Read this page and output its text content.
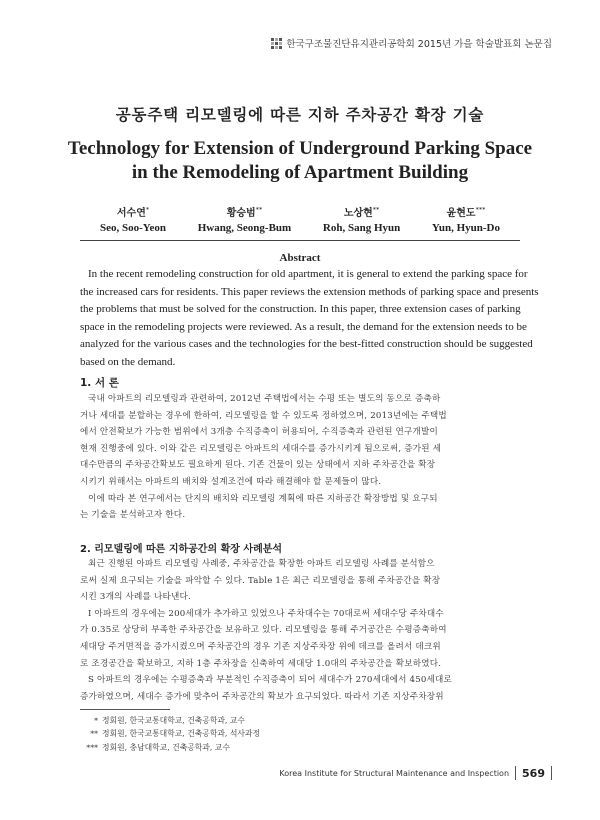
한국구조물진단유지관리공학회 2015년 가을 학술발표회 논문집
공동주택 리모델링에 따른 지하 주차공간 확장 기술
Technology for Extension of Underground Parking Space
in the Remodeling of Apartment Building
서수연*
Seo, Soo-Yeon
황승범**
Hwang, Seong-Bum
노상현**
Roh, Sang Hyun
윤현도***
Yun, Hyun-Do
Abstract
In the recent remodeling construction for old apartment, it is general to extend the parking space for
the increased cars for residents. This paper reviews the extension methods of parking space and presents
the problems that must be solved for the construction. In this paper, three extension cases of parking
space in the remodeling projects were reviewed. As a result, the demand for the extension needs to be
analyzed for the various cases and the technologies for the best-fitted construction should be suggested
based on the demand.
1. 서 론
국내 아파트의 리모델링과 관련하여, 2012년 주택법에서는 수평 또는 별도의 동으로 증축하
거나 세대를 분할하는 경우에 한하여, 리모델링을 할 수 있도록 정하였으며, 2013년에는 주택법
에서 안전확보가 가능한 범위에서 3개층 수직증축이 허용되어, 수직증축과 관련된 연구개발이
현재 진행중에 있다. 이와 같은 리모델링은 아파트의 세대수를 증가시키게 됨으로써, 증가된 세
대수만큼의 주차공간확보도 필요하게 된다. 기존 건물이 있는 상태에서 지하 주차공간을 확장
시키기 위해서는 아파트의 배치와 설계조건에 따라 해결해야 할 문제들이 많다.
이에 따라 본 연구에서는 단지의 배치와 리모델링 계획에 따른 지하공간 확장방법 및 요구되
는 기술을 분석하고자 한다.
2. 리모델링에 따른 지하공간의 확장 사례분석
최근 진행된 아파트 리모델링 사례중, 주차공간을 확장한 아파트 리모델링 사례를 분석함으
로써 실제 요구되는 기술을 파악할 수 있다. Table 1은 최근 리모델링을 통해 주차공간을 확장
시킨 3개의 사례를 나타낸다.
I 아파트의 경우에는 200세대가 추가하고 있었으나 주차대수는 70대로써 세대수당 주차대수
가 0.35로 상당히 부족한 주차공간을 보유하고 있다. 리모델링을 통해 주거공간은 수평증축하여
세대당 주거면적을 증가시켰으며 주차공간의 경우 기존 지상주차장 위에 데크를 올려서 데크위
로 조경공간을 확보하고, 지하 1층 주차장을 신축하여 세대당 1.0대의 주차공간을 확보하였다.
S 아파트의 경우에는 수평증축과 부분적인 수직증축이 되어 세대수가 270세대에서 450세대로
증가하였으며, 세대수 증가에 맞추어 주차공간의 확보가 요구되었다. 따라서 기존 지상주차장위
* 정회원, 한국교통대학교, 건축공학과, 교수
** 정회원, 한국교통대학교, 건축공학과, 석사과정
*** 정회원, 충남대학교, 건축공학과, 교수
Korea Institute for Structural Maintenance and Inspection 569
